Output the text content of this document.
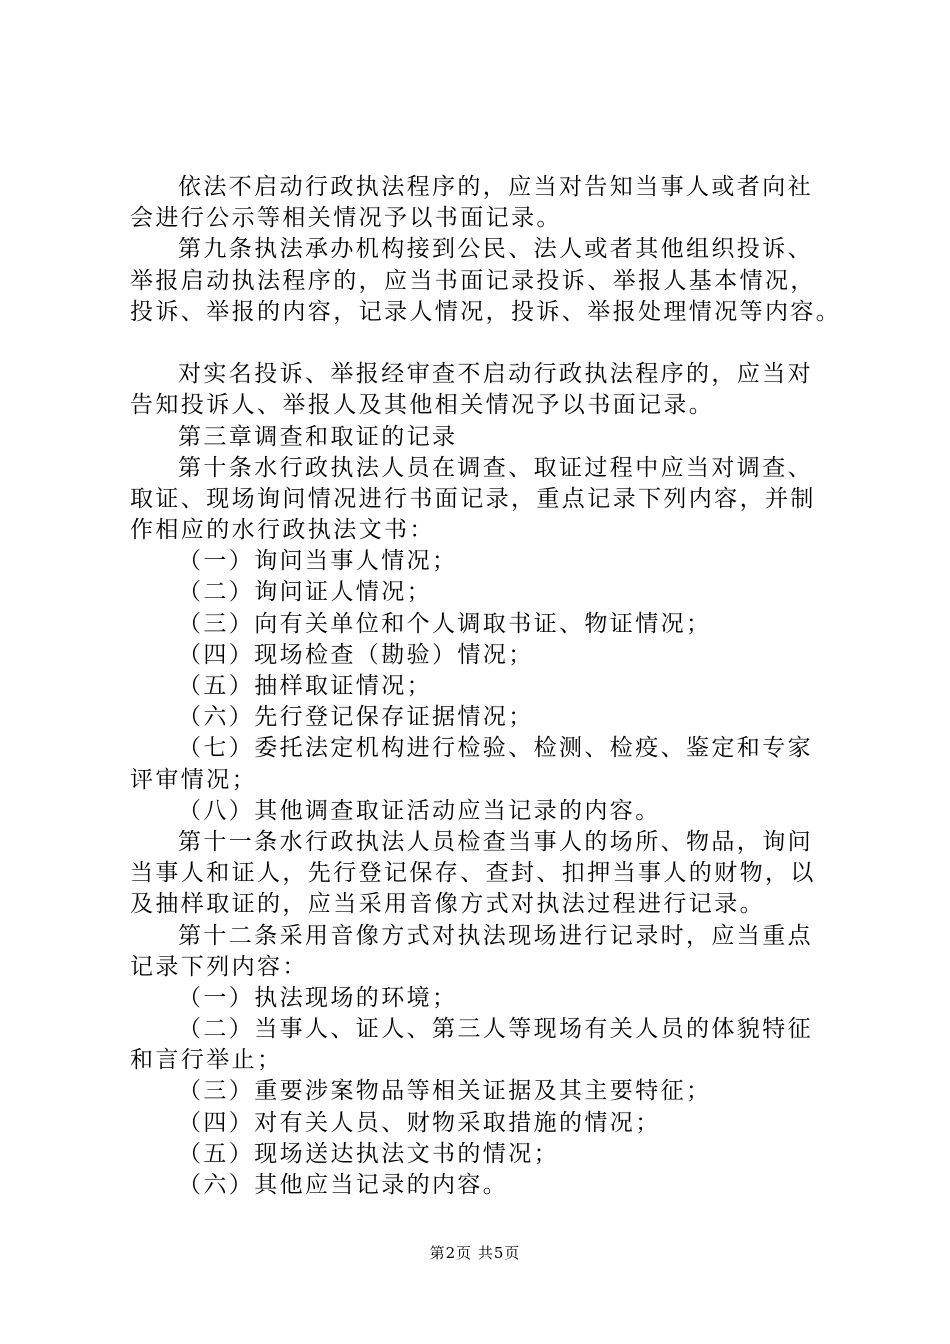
依法不启动行政执法程序的，应当对告知当事人或者向社
会进行公示等相关情况予以书面记录。
第九条执法承办机构接到公民、法人或者其他组织投诉、
举报启动执法程序的，应当书面记录投诉、举报人基本情况，
投诉、举报的内容，记录人情况，投诉、举报处理情况等内容。
对实名投诉、举报经审查不启动行政执法程序的，应当对
告知投诉人、举报人及其他相关情况予以书面记录。
第三章调查和取证的记录
第十条水行政执法人员在调查、取证过程中应当对调查、
取证、现场询问情况进行书面记录，重点记录下列内容，并制
作相应的水行政执法文书：
（一）询问当事人情况；
（二）询问证人情况；
（三）向有关单位和个人调取书证、物证情况；
（四）现场检查（勘验）情况；
（五）抽样取证情况；
（六）先行登记保存证据情况；
（七）委托法定机构进行检验、检测、检疫、鉴定和专家
评审情况；
（八）其他调查取证活动应当记录的内容。
第十一条水行政执法人员检查当事人的场所、物品，询问
当事人和证人，先行登记保存、查封、扣押当事人的财物，以
及抽样取证的，应当采用音像方式对执法过程进行记录。
第十二条采用音像方式对执法现场进行记录时，应当重点
记录下列内容：
（一）执法现场的环境；
（二）当事人、证人、第三人等现场有关人员的体貌特征
和言行举止；
（三）重要涉案物品等相关证据及其主要特征；
（四）对有关人员、财物采取措施的情况；
（五）现场送达执法文书的情况；
（六）其他应当记录的内容。
第2页 共5页
